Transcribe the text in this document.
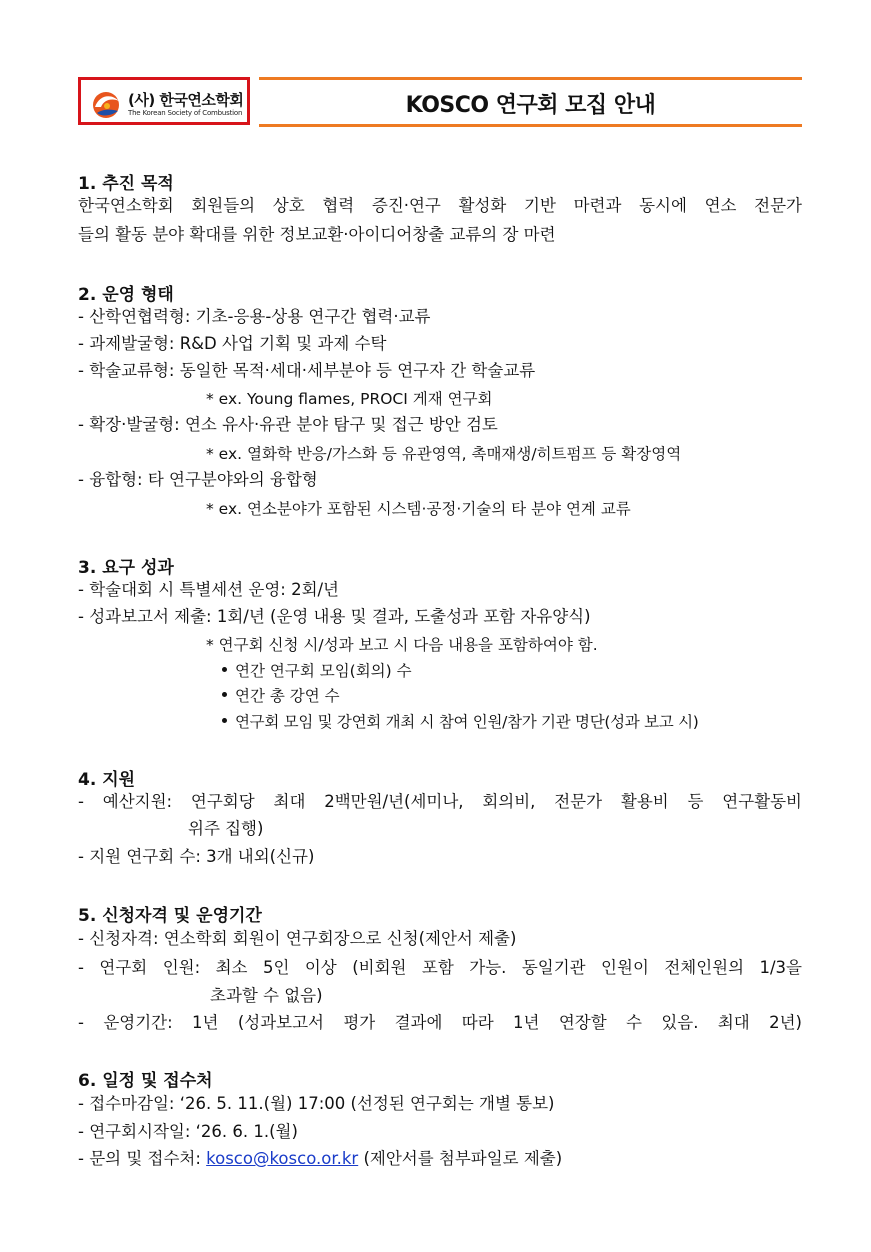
(사) 한국연소학회
The Korean Society of Combustion	KOSCO 연구회 모집 안내
1. 추진 목적
한국연소학회 회원들의 상호 협력 증진·연구 활성화 기반 마련과 동시에 연소 전문가
들의 활동 분야 확대를 위한 정보교환·아이디어창출 교류의 장 마련
2. 운영 형태
- 산학연협력형: 기초-응용-상용 연구간 협력·교류
- 과제발굴형: R&D 사업 기획 및 과제 수탁
- 학술교류형: 동일한 목적·세대·세부분야 등 연구자 간 학술교류
* ex. Young flames, PROCI 게재 연구회
- 확장·발굴형: 연소 유사·유관 분야 탐구 및 접근 방안 검토
* ex. 열화학 반응/가스화 등 유관영역, 촉매재생/히트펌프 등 확장영역
- 융합형: 타 연구분야와의 융합형
* ex. 연소분야가 포함된 시스템·공정·기술의 타 분야 연계 교류
3. 요구 성과
- 학술대회 시 특별세션 운영: 2회/년
- 성과보고서 제출: 1회/년 (운영 내용 및 결과, 도출성과 포함 자유양식)
* 연구회 신청 시/성과 보고 시 다음 내용을 포함하여야 함.
연간 연구회 모임(회의) 수
연간 총 강연 수
연구회 모임 및 강연회 개최 시 참여 인원/참가 기관 명단(성과 보고 시)
4. 지원
- 예산지원: 연구회당 최대 2백만원/년(세미나, 회의비, 전문가 활용비 등 연구활동비
위주 집행)
- 지원 연구회 수: 3개 내외(신규)
5. 신청자격 및 운영기간
- 신청자격: 연소학회 회원이 연구회장으로 신청(제안서 제출)
- 연구회 인원: 최소 5인 이상 (비회원 포함 가능. 동일기관 인원이 전체인원의 1/3을
초과할 수 없음)
- 운영기간: 1년 (성과보고서 평가 결과에 따라 1년 연장할 수 있음. 최대 2년)
6. 일정 및 접수처
- 접수마감일: ‘26. 5. 11.(월) 17:00 (선정된 연구회는 개별 통보)
- 연구회시작일: ‘26. 6. 1.(월)
- 문의 및 접수처: kosco@kosco.or.kr (제안서를 첨부파일로 제출)
